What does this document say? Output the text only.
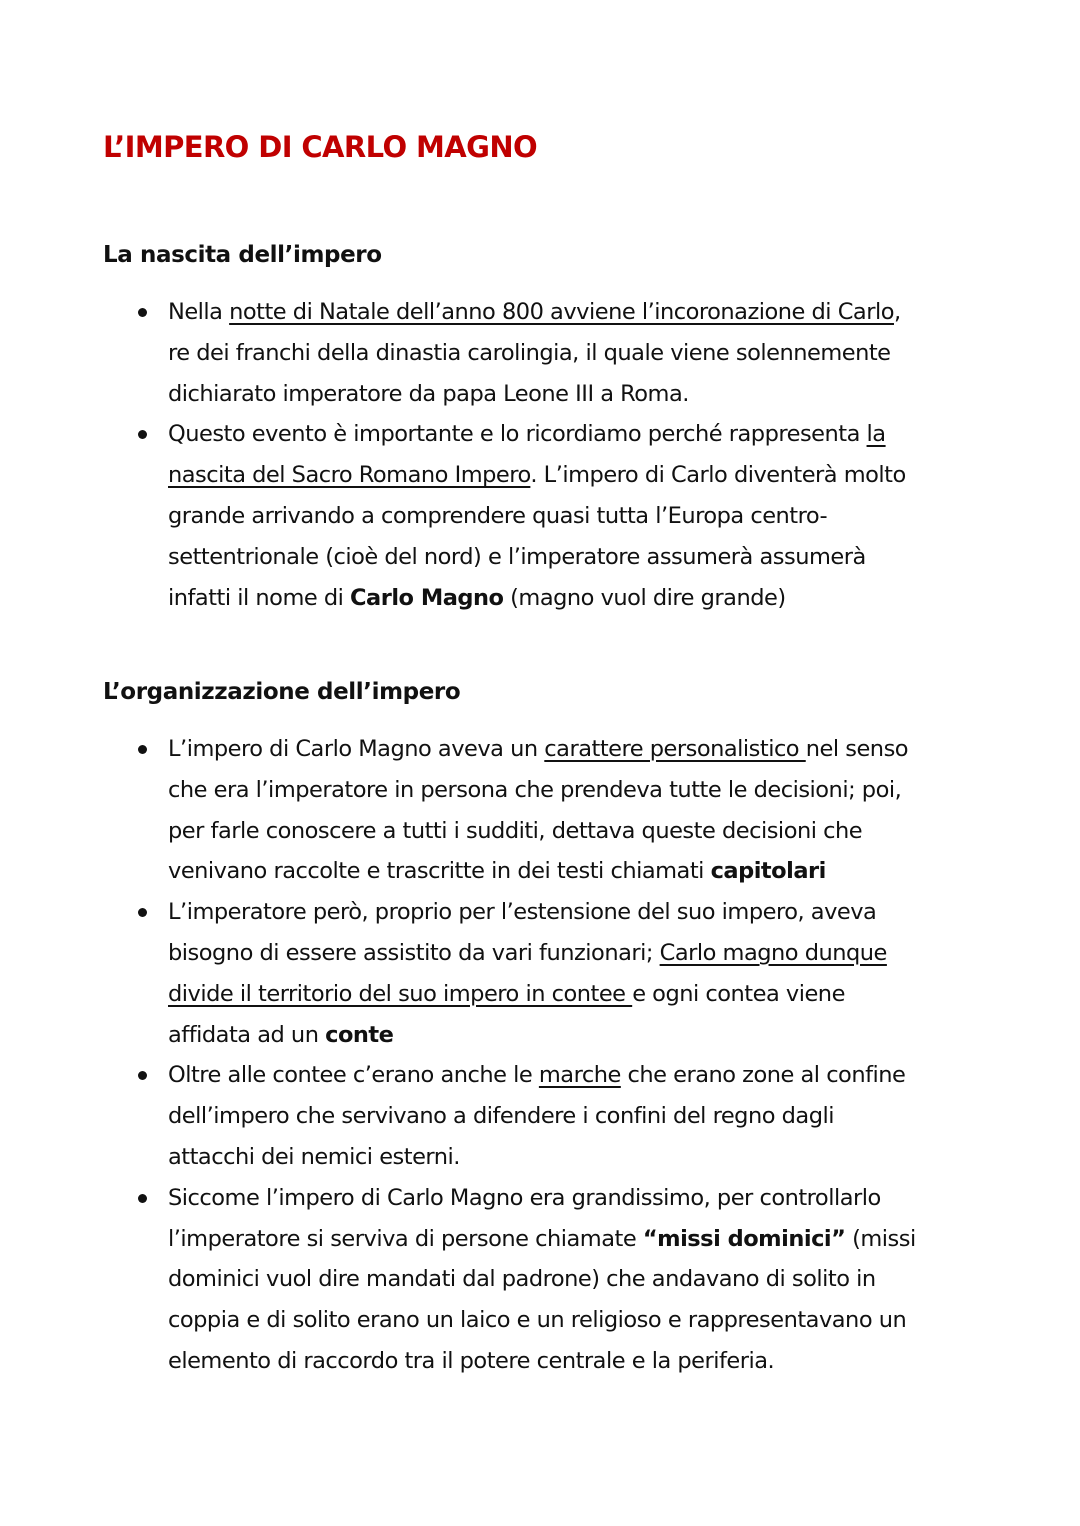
L’IMPERO DI CARLO MAGNO
La nascita dell’impero
Nella notte di Natale dell’anno 800 avviene l’incoronazione di Carlo,
re dei franchi della dinastia carolingia, il quale viene solennemente
dichiarato imperatore da papa Leone III a Roma.
Questo evento è importante e lo ricordiamo perché rappresenta la
nascita del Sacro Romano Impero. L’impero di Carlo diventerà molto
grande arrivando a comprendere quasi tutta l’Europa centro-
settentrionale (cioè del nord) e l’imperatore assumerà assumerà
infatti il nome di Carlo Magno (magno vuol dire grande)
L’organizzazione dell’impero
L’impero di Carlo Magno aveva un carattere personalistico nel senso
che era l’imperatore in persona che prendeva tutte le decisioni; poi,
per farle conoscere a tutti i sudditi, dettava queste decisioni che
venivano raccolte e trascritte in dei testi chiamati capitolari
L’imperatore però, proprio per l’estensione del suo impero, aveva
bisogno di essere assistito da vari funzionari; Carlo magno dunque
divide il territorio del suo impero in contee e ogni contea viene
affidata ad un conte
Oltre alle contee c’erano anche le marche che erano zone al confine
dell’impero che servivano a difendere i confini del regno dagli
attacchi dei nemici esterni.
Siccome l’impero di Carlo Magno era grandissimo, per controllarlo
l’imperatore si serviva di persone chiamate “missi dominici” (missi
dominici vuol dire mandati dal padrone) che andavano di solito in
coppia e di solito erano un laico e un religioso e rappresentavano un
elemento di raccordo tra il potere centrale e la periferia.
